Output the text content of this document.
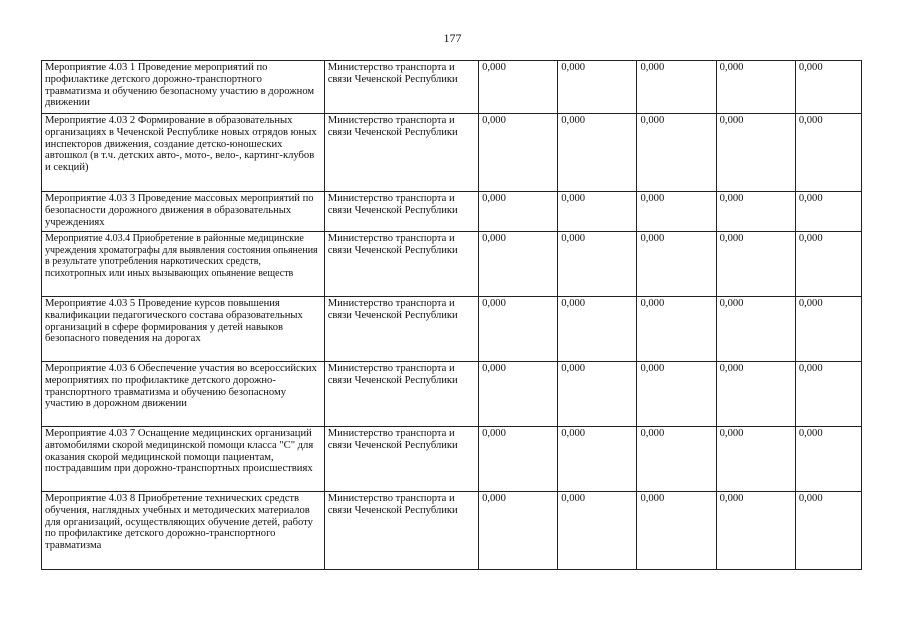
177
Мероприятие 4.03 1 Проведение мероприятий по профилактике детского дорожно-транспортного травматизма и обучению безопасному участию в дорожном движении	Министерство транспорта и связи Чеченской Республики	0,000	0,000	0,000	0,000	0,000
Мероприятие 4.03 2 Формирование в образовательных организациях в Чеченской Республике новых отрядов юных инспекторов движения, создание детско-юношеских автошкол (в т.ч. детских авто-, мото-, вело-, картинг-клубов и секций)	Министерство транспорта и связи Чеченской Республики	0,000	0,000	0,000	0,000	0,000
Мероприятие 4.03 3 Проведение массовых мероприятий по безопасности дорожного движения в образовательных учреждениях	Министерство транспорта и связи Чеченской Республики	0,000	0,000	0,000	0,000	0,000
Мероприятие 4.03.4 Приобретение в районные медицинские учреждения хроматографы для выявления состояния опьянения в результате употребления наркотических средств, психотропных или иных вызывающих опьянение веществ	Министерство транспорта и связи Чеченской Республики	0,000	0,000	0,000	0,000	0,000
Мероприятие 4.03 5 Проведение курсов повышения квалификации педагогического состава образовательных организаций в сфере формирования у детей навыков безопасного поведения на дорогах	Министерство транспорта и связи Чеченской Республики	0,000	0,000	0,000	0,000	0,000
Мероприятие 4.03 6 Обеспечение участия во всероссийских мероприятиях по профилактике детского дорожно-транспортного травматизма и обучению безопасному участию в дорожном движении	Министерство транспорта и связи Чеченской Республики	0,000	0,000	0,000	0,000	0,000
Мероприятие 4.03 7 Оснащение медицинских организаций автомобилями скорой медицинской помощи класса "С" для оказания скорой медицинской помощи пациентам, пострадавшим при дорожно-транспортных происшествиях	Министерство транспорта и связи Чеченской Республики	0,000	0,000	0,000	0,000	0,000
Мероприятие 4.03 8 Приобретение технических средств обучения, наглядных учебных и методических материалов для организаций, осуществляющих обучение детей, работу по профилактике детского дорожно-транспортного травматизма	Министерство транспорта и связи Чеченской Республики	0,000	0,000	0,000	0,000	0,000
